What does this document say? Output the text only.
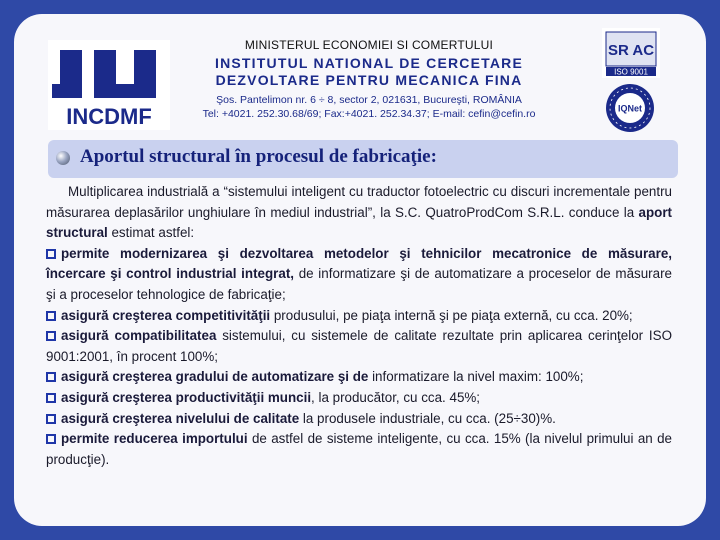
INCDMF
MINISTERUL ECONOMIEI SI COMERTULUI
INSTITUTUL NATIONAL DE CERCETARE
DEZVOLTARE PENTRU MECANICA FINA
Şos. Pantelimon nr. 6 ÷ 8, sector 2, 021631, Bucureşti, ROMÂNIA
Tel: +4021. 252.30.68/69; Fax:+4021. 252.34.37; E-mail: cefin@cefin.ro
SR AC
ISO 9001
IQNet
Aportul structural în procesul de fabricaţie:

Multiplicarea industrială a “sistemului inteligent cu traductor fotoelectric cu discuri incrementale pentru măsurarea deplasărilor unghiulare în mediul industrial”, la S.C. QuatroProdCom S.R.L. conduce la aport structural estimat astfel:

permite modernizarea şi dezvoltarea metodelor şi tehnicilor mecatronice de măsurare, încercare şi control industrial integrat, de informatizare şi de automatizare a proceselor de măsurare şi a proceselor tehnologice de fabricaţie;

asigură creşterea competitivităţii produsului, pe piaţa internă şi pe piaţa externă, cu cca. 20%;

asigură compatibilitatea sistemului, cu sistemele de calitate rezultate prin aplicarea cerinţelor ISO 9001:2001, în procent 100%;

asigură creşterea gradului de automatizare şi de informatizare la nivel maxim: 100%;

asigură creşterea productivităţii muncii, la producător, cu cca. 45%;

asigură creşterea nivelului de calitate la produsele industriale, cu cca. (25÷30)%.

permite reducerea importului de astfel de sisteme inteligente, cu cca. 15% (la nivelul primului an de producţie).
